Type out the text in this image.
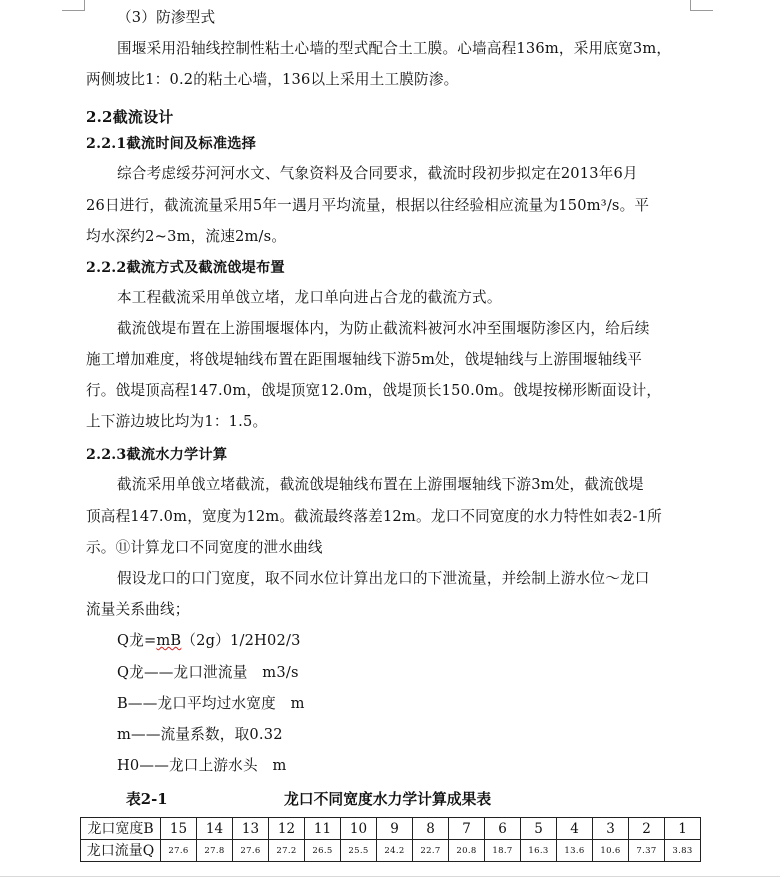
（3）防渗型式
围堰采用沿轴线控制性粘土心墙的型式配合土工膜。心墙高程136m，采用底宽3m，
两侧坡比1：0.2的粘土心墙，136以上采用土工膜防渗。
2.2截流设计
2.2.1截流时间及标准选择
综合考虑绥芬河河水文、气象资料及合同要求，截流时段初步拟定在2013年6月
26日进行，截流流量采用5年一遇月平均流量，根据以往经验相应流量为150m³/s。平
均水深约2~3m，流速2m/s。
2.2.2截流方式及截流戗堤布置
本工程截流采用单戗立堵，龙口单向进占合龙的截流方式。
截流戗堤布置在上游围堰堰体内，为防止截流料被河水冲至围堰防渗区内，给后续
施工增加难度，将戗堤轴线布置在距围堰轴线下游5m处，戗堤轴线与上游围堰轴线平
行。戗堤顶高程147.0m，戗堤顶宽12.0m，戗堤顶长150.0m。戗堤按梯形断面设计，
上下游边坡比均为1：1.5。
2.2.3截流水力学计算
截流采用单戗立堵截流，截流戗堤轴线布置在上游围堰轴线下游3m处，截流戗堤
顶高程147.0m，宽度为12m。截流最终落差12m。龙口不同宽度的水力特性如表2-1所
示。⑪计算龙口不同宽度的泄水曲线
假设龙口的口门宽度，取不同水位计算出龙口的下泄流量，并绘制上游水位～龙口
流量关系曲线；
Q龙=mB（2g）1/2H02/3
Q龙——龙口泄流量　m3/s
B——龙口平均过水宽度　m
m——流量系数，取0.32
H0——龙口上游水头　m
表2-1	龙口不同宽度水力学计算成果表
龙口宽度B	15	14	13	12	11	10	9	8	7	6	5	4	3	2	1
龙口流量Q	27.6	27.8	27.6	27.2	26.5	25.5	24.2	22.7	20.8	18.7	16.3	13.6	10.6	7.37	3.83
